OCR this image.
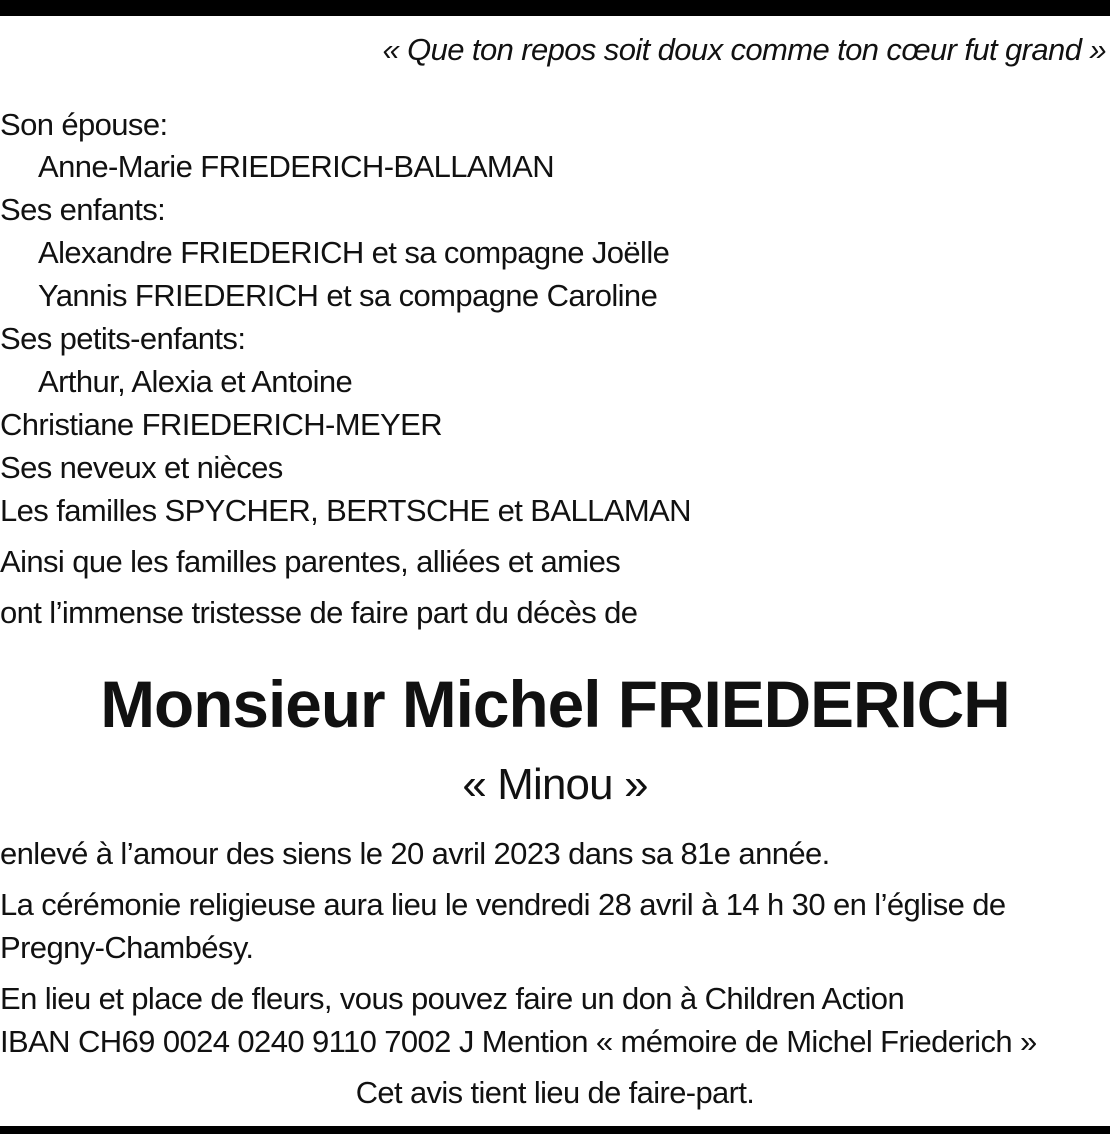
« Que ton repos soit doux comme ton cœur fut grand »
Son épouse:
Anne-Marie FRIEDERICH-BALLAMAN
Ses enfants:
Alexandre FRIEDERICH et sa compagne Joëlle
Yannis FRIEDERICH et sa compagne Caroline
Ses petits-enfants:
Arthur, Alexia et Antoine
Christiane FRIEDERICH-MEYER
Ses neveux et nièces
Les familles SPYCHER, BERTSCHE et BALLAMAN
Ainsi que les familles parentes, alliées et amies
ont l’immense tristesse de faire part du décès de
Monsieur Michel FRIEDERICH
« Minou »
enlevé à l’amour des siens le 20 avril 2023 dans sa 81e année.
La cérémonie religieuse aura lieu le vendredi 28 avril à 14 h 30 en l’église de
Pregny-Chambésy.
En lieu et place de fleurs, vous pouvez faire un don à Children Action
IBAN CH69 0024 0240 9110 7002 J Mention « mémoire de Michel Friederich »
Cet avis tient lieu de faire-part.
